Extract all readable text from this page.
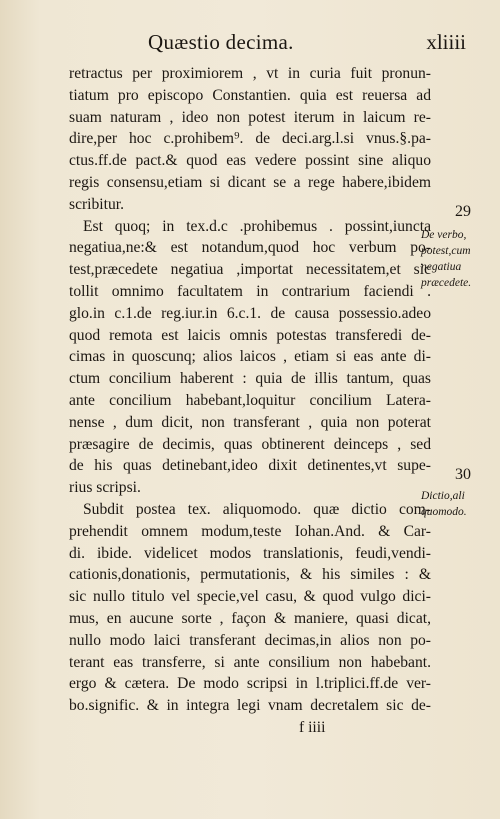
Quæstio decima.	xliiii
retractus per proximiorem , vt in curia fuit pronun-
tiatum pro episcopo Constantien. quia est reuersa ad
suam naturam , ideo non potest iterum in laicum re-
dire,per hoc c.prohibem⁹. de deci.arg.l.si vnus.§.pa-
ctus.ff.de pact.& quod eas vedere possint sine aliquo
regis consensu,etiam si dicant se a rege habere,ibidem
scribitur.
Est quoq; in tex.d.c .prohibemus . possint,iuncta
negatiua,ne:& est notandum,quod hoc verbum po-
test,præcedete negatiua ,importat necessitatem,et sic
tollit omnimo facultatem in contrarium faciendi .
glo.in c.1.de reg.iur.in 6.c.1. de causa possessio.adeo
quod remota est laicis omnis potestas transferedi de-
cimas in quoscunq; alios laicos , etiam si eas ante di-
ctum concilium haberent : quia de illis tantum, quas
ante concilium habebant,loquitur concilium Latera-
nense , dum dicit, non transferant , quia non poterat
præsagire de decimis, quas obtinerent deinceps , sed
de his quas detinebant,ideo dixit detinentes,vt supe-
rius scripsi.
Subdit postea tex. aliquomodo. quæ dictio com-
prehendit omnem modum,teste Iohan.And. & Car-
di. ibide. videlicet modos translationis, feudi,vendi-
cationis,donationis, permutationis, & his similes : &
sic nullo titulo vel specie,vel casu, & quod vulgo dici-
mus, en aucune sorte , façon & maniere, quasi dicat,
nullo modo laici transferant decimas,in alios non po-
terant eas transferre, si ante consilium non habebant.
ergo & cætera. De modo scripsi in l.triplici.ff.de ver-
bo.signific. & in integra legi vnam decretalem sic de-
f iiii
29
De verbo,
potest,cum
negatiua
præcedete.
30
Dictio,ali
quomodo.
